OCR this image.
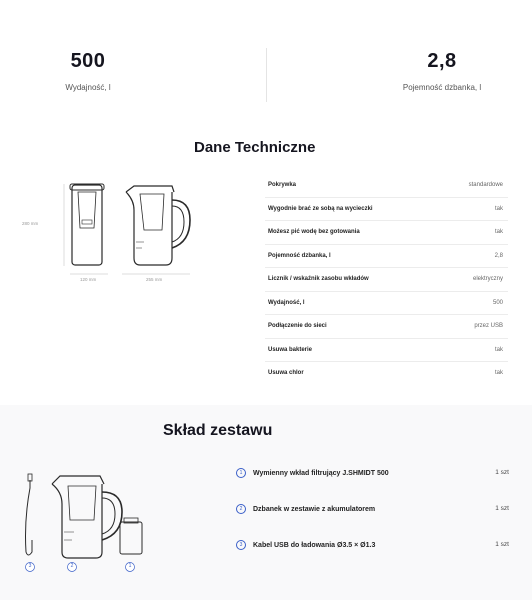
500
Wydajność, l
2,8
Pojemność dzbanka, l
Dane Techniczne
280 mm
120 mm	255 mm
Pokrywka	standardowe
Wygodnie brać ze sobą na wycieczki	tak
Możesz pić wodę bez gotowania	tak
Pojemność dzbanka, l	2,8
Licznik / wskaźnik zasobu wkładów	elektryczny
Wydajność, l	500
Podłączenie do sieci	przez USB
Usuwa bakterie	tak
Usuwa chlor	tak
3	2	1
1	Wymienny wkład filtrujący J.SHMIDT 500	1 szt
2	Dzbanek w zestawie z akumulatorem	1 szt
3	Kabel USB do ładowania Ø3.5 × Ø1.3	1 szt
Skład zestawu
